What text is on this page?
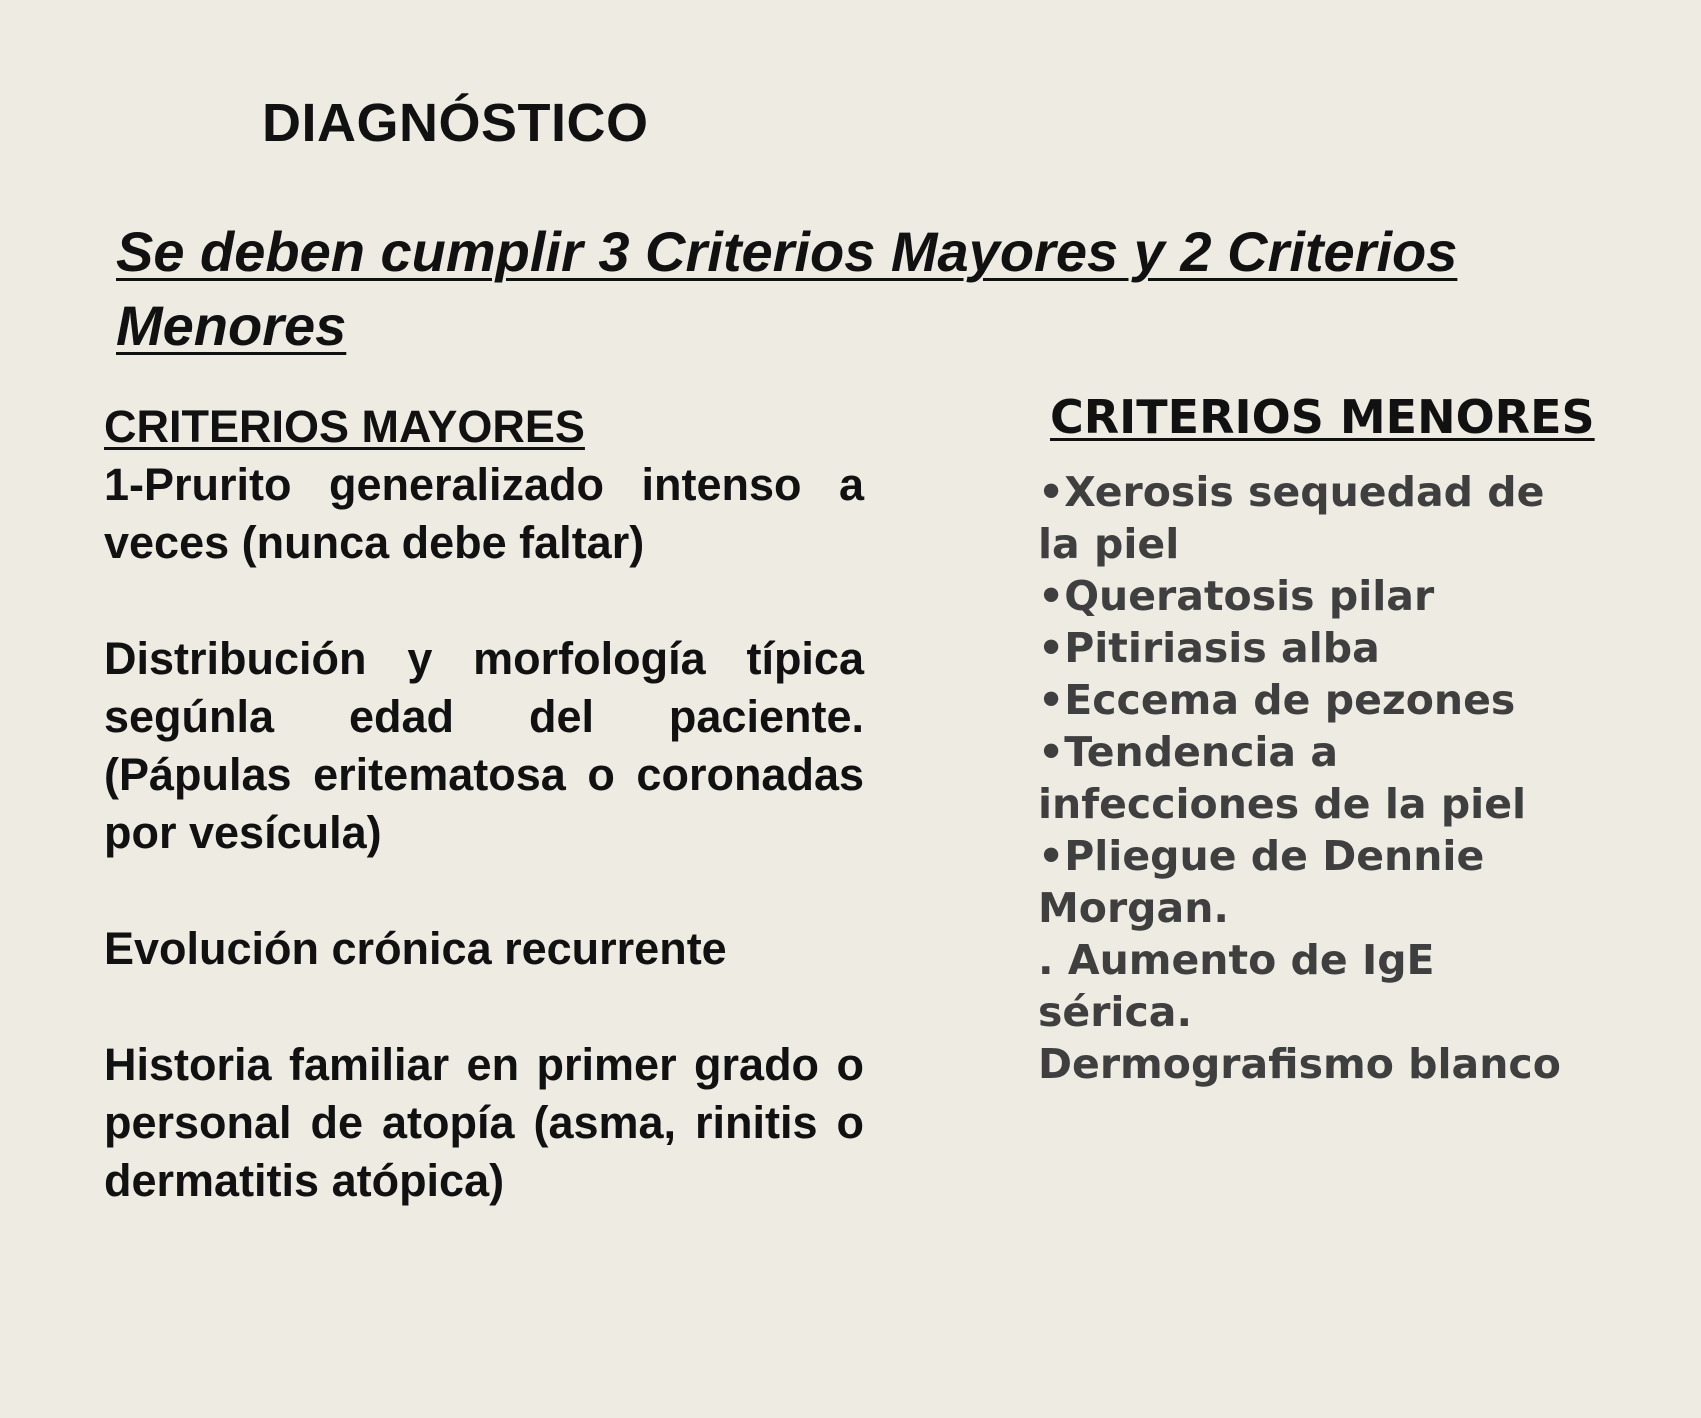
DIAGNÓSTICO
Se deben cumplir 3 Criterios Mayores y 2 Criterios Menores
CRITERIOS MAYORES
1-Prurito generalizado intenso a veces (nunca debe faltar)
Distribución y morfología típica segúnla edad del paciente.(Pápulas eritematosa o coronadas por vesícula)
Evolución crónica recurrente
Historia familiar en primer grado o personal de atopía (asma, rinitis o dermatitis atópica)
CRITERIOS MENORES
•Xerosis sequedad de la piel
•Queratosis pilar
•Pitiriasis alba
•Eccema de pezones
•Tendencia a infecciones de la piel
•Pliegue de Dennie Morgan.
. Aumento de IgE sérica.
Dermografismo blanco
